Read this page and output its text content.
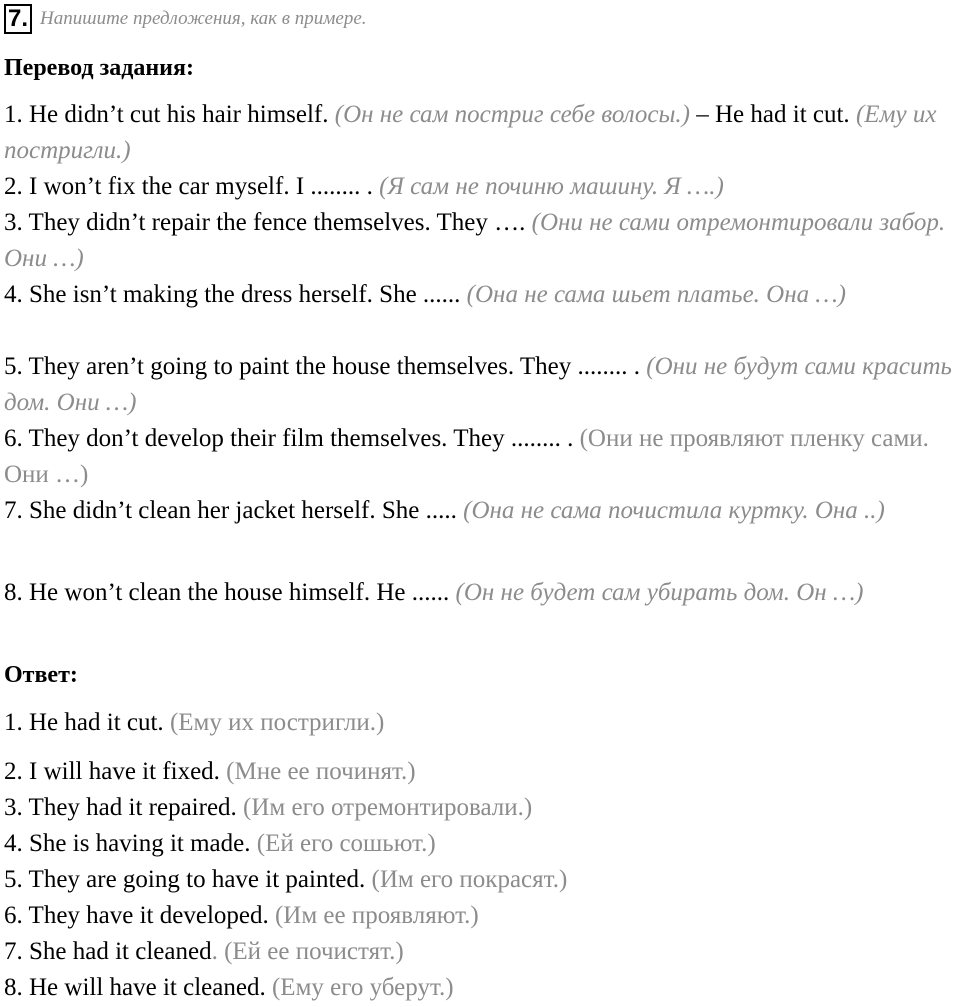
7. Напишите предложения, как в примере.
Перевод задания:
1. He didn’t cut his hair himself. (Он не сам постриг себе волосы.) – He had it cut. (Ему их постригли.)
2. I won’t fix the car myself. I ........ . (Я сам не починю машину. Я ….)
3. They didn’t repair the fence themselves. They …. (Они не сами отремонтировали забор. Они …)
4. She isn’t making the dress herself. She ...... (Она не сама шьет платье. Она …)
5. They aren’t going to paint the house themselves. They ........ . (Они не будут сами красить дом. Они …)
6. They don’t develop their film themselves. They ........ . (Они не проявляют пленку сами. Они …)
7. She didn’t clean her jacket herself. She ..... (Она не сама почистила куртку. Она ..)
8. He won’t clean the house himself. He ...... (Он не будет сам убирать дом. Он …)
Ответ:
1. He had it cut. (Ему их постригли.)
2. I will have it fixed. (Мне ее починят.)
3. They had it repaired. (Им его отремонтировали.)
4. She is having it made. (Ей его сошьют.)
5. They are going to have it painted. (Им его покрасят.)
6. They have it developed. (Им ее проявляют.)
7. She had it cleaned. (Ей ее почистят.)
8. He will have it cleaned. (Ему его уберут.)
